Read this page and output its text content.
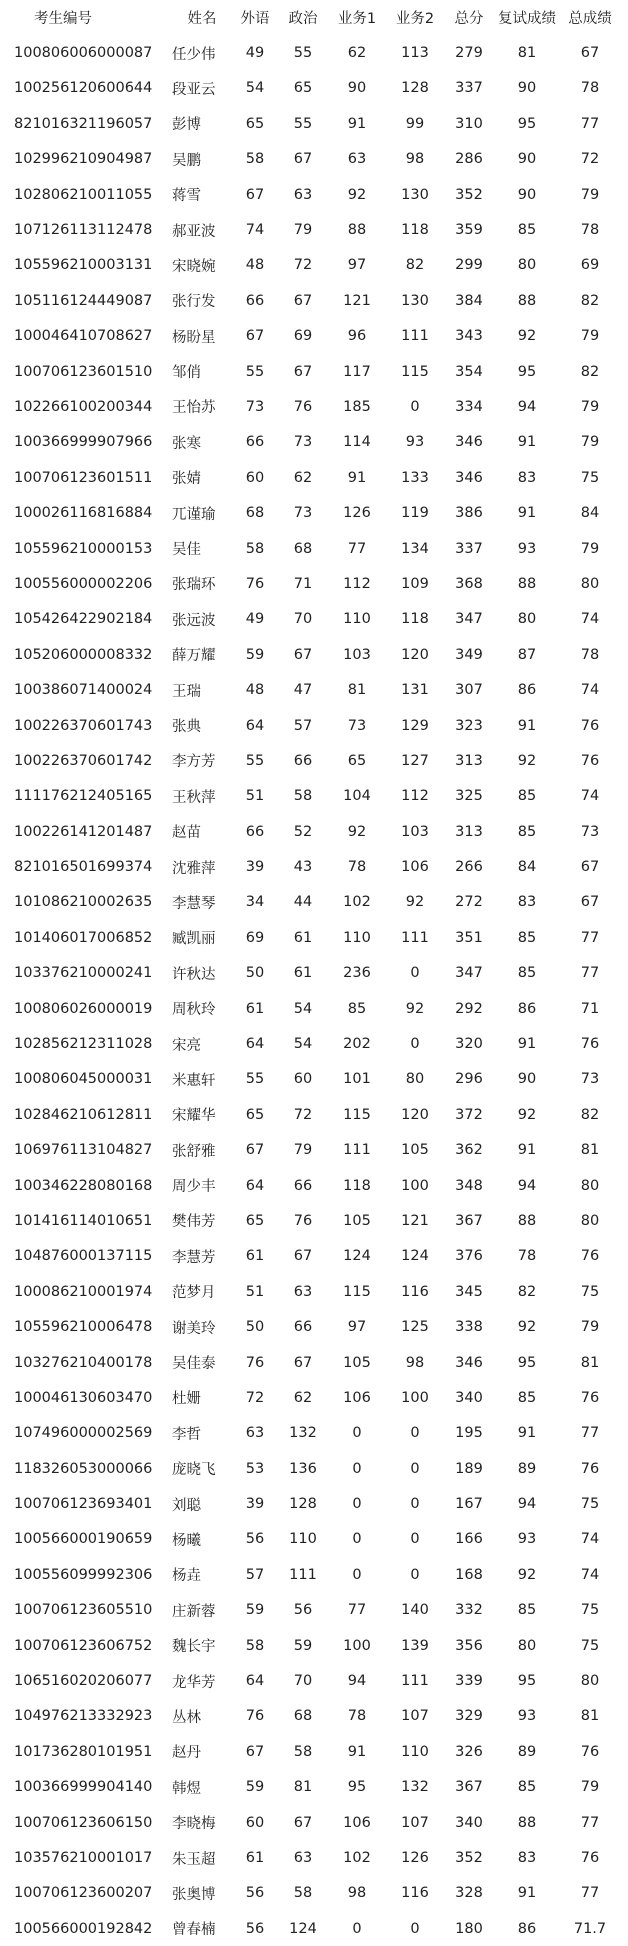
考生编号	姓名	外语	政治	业务1	业务2	总分	复试成绩	总成绩
100806006000087	任少伟	49	55	62	113	279	81	67
100256120600644	段亚云	54	65	90	128	337	90	78
821016321196057	彭博	65	55	91	99	310	95	77
102996210904987	吴鹏	58	67	63	98	286	90	72
102806210011055	蒋雪	67	63	92	130	352	90	79
107126113112478	郝亚波	74	79	88	118	359	85	78
105596210003131	宋晓婉	48	72	97	82	299	80	69
105116124449087	张行发	66	67	121	130	384	88	82
100046410708627	杨盼星	67	69	96	111	343	92	79
100706123601510	邹俏	55	67	117	115	354	95	82
102266100200344	王怡苏	73	76	185	0	334	94	79
100366999907966	张寒	66	73	114	93	346	91	79
100706123601511	张婧	60	62	91	133	346	83	75
100026116816884	兀谨瑜	68	73	126	119	386	91	84
105596210000153	吴佳	58	68	77	134	337	93	79
100556000002206	张瑞环	76	71	112	109	368	88	80
105426422902184	张远波	49	70	110	118	347	80	74
105206000008332	薛万耀	59	67	103	120	349	87	78
100386071400024	王瑞	48	47	81	131	307	86	74
100226370601743	张典	64	57	73	129	323	91	76
100226370601742	李方芳	55	66	65	127	313	92	76
111176212405165	王秋萍	51	58	104	112	325	85	74
100226141201487	赵苗	66	52	92	103	313	85	73
821016501699374	沈雅萍	39	43	78	106	266	84	67
101086210002635	李慧琴	34	44	102	92	272	83	67
101406017006852	臧凯丽	69	61	110	111	351	85	77
103376210000241	许秋达	50	61	236	0	347	85	77
100806026000019	周秋玲	61	54	85	92	292	86	71
102856212311028	宋亮	64	54	202	0	320	91	76
100806045000031	米惠轩	55	60	101	80	296	90	73
102846210612811	宋耀华	65	72	115	120	372	92	82
106976113104827	张舒雅	67	79	111	105	362	91	81
100346228080168	周少丰	64	66	118	100	348	94	80
101416114010651	樊伟芳	65	76	105	121	367	88	80
104876000137115	李慧芳	61	67	124	124	376	78	76
100086210001974	范梦月	51	63	115	116	345	82	75
105596210006478	谢美玲	50	66	97	125	338	92	79
103276210400178	吴佳泰	76	67	105	98	346	95	81
100046130603470	杜姗	72	62	106	100	340	85	76
107496000002569	李哲	63	132	0	0	195	91	77
118326053000066	庞晓飞	53	136	0	0	189	89	76
100706123693401	刘聪	39	128	0	0	167	94	75
100566000190659	杨曦	56	110	0	0	166	93	74
100556099992306	杨垚	57	111	0	0	168	92	74
100706123605510	庄新蓉	59	56	77	140	332	85	75
100706123606752	魏长宇	58	59	100	139	356	80	75
106516020206077	龙华芳	64	70	94	111	339	95	80
104976213332923	丛林	76	68	78	107	329	93	81
101736280101951	赵丹	67	58	91	110	326	89	76
100366999904140	韩煜	59	81	95	132	367	85	79
100706123606150	李晓梅	60	67	106	107	340	88	77
103576210001017	朱玉超	61	63	102	126	352	83	76
100706123600207	张奥博	56	58	98	116	328	91	77
100566000192842	曾春楠	56	124	0	0	180	86	71.7
